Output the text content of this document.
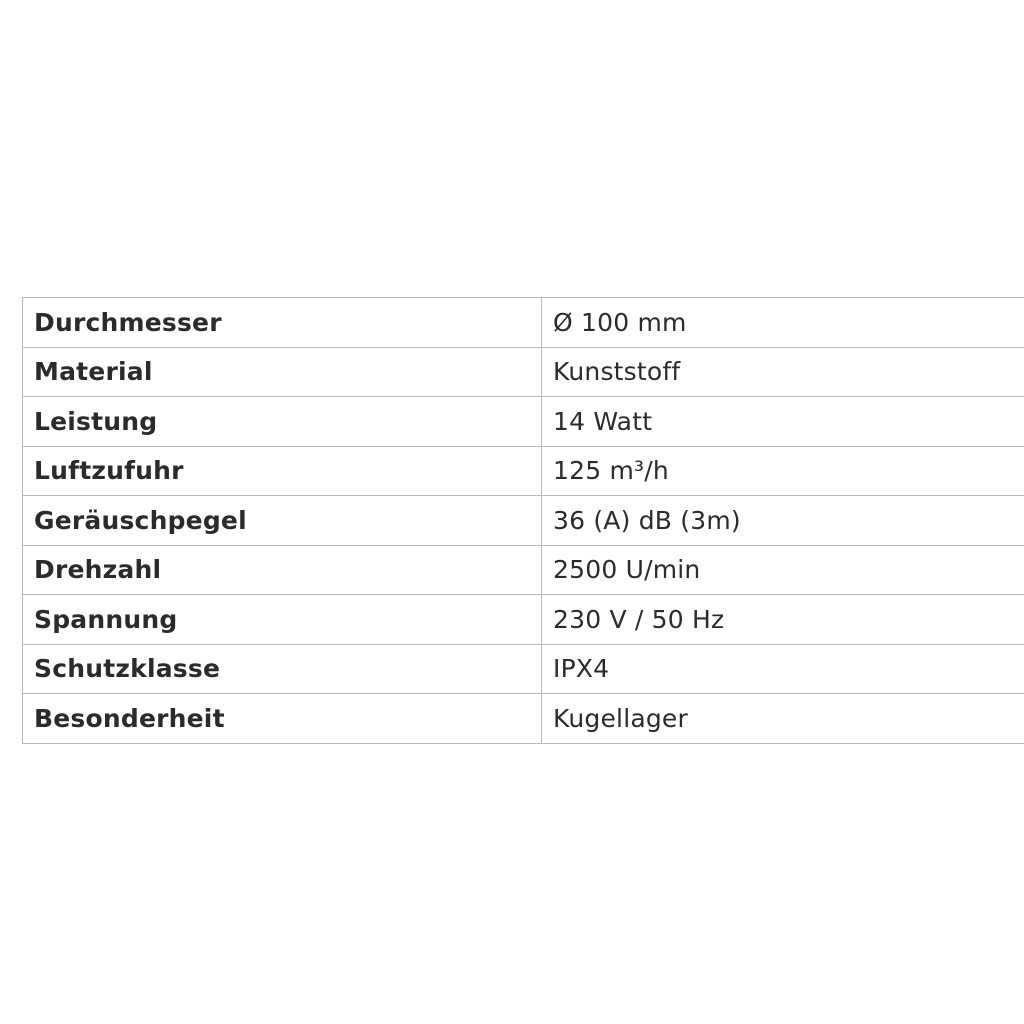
Durchmesser	Ø 100 mm
Material	Kunststoff
Leistung	14 Watt
Luftzufuhr	125 m³/h
Geräuschpegel	36 (A) dB (3m)
Drehzahl	2500 U/min
Spannung	230 V / 50 Hz
Schutzklasse	IPX4
Besonderheit	Kugellager
